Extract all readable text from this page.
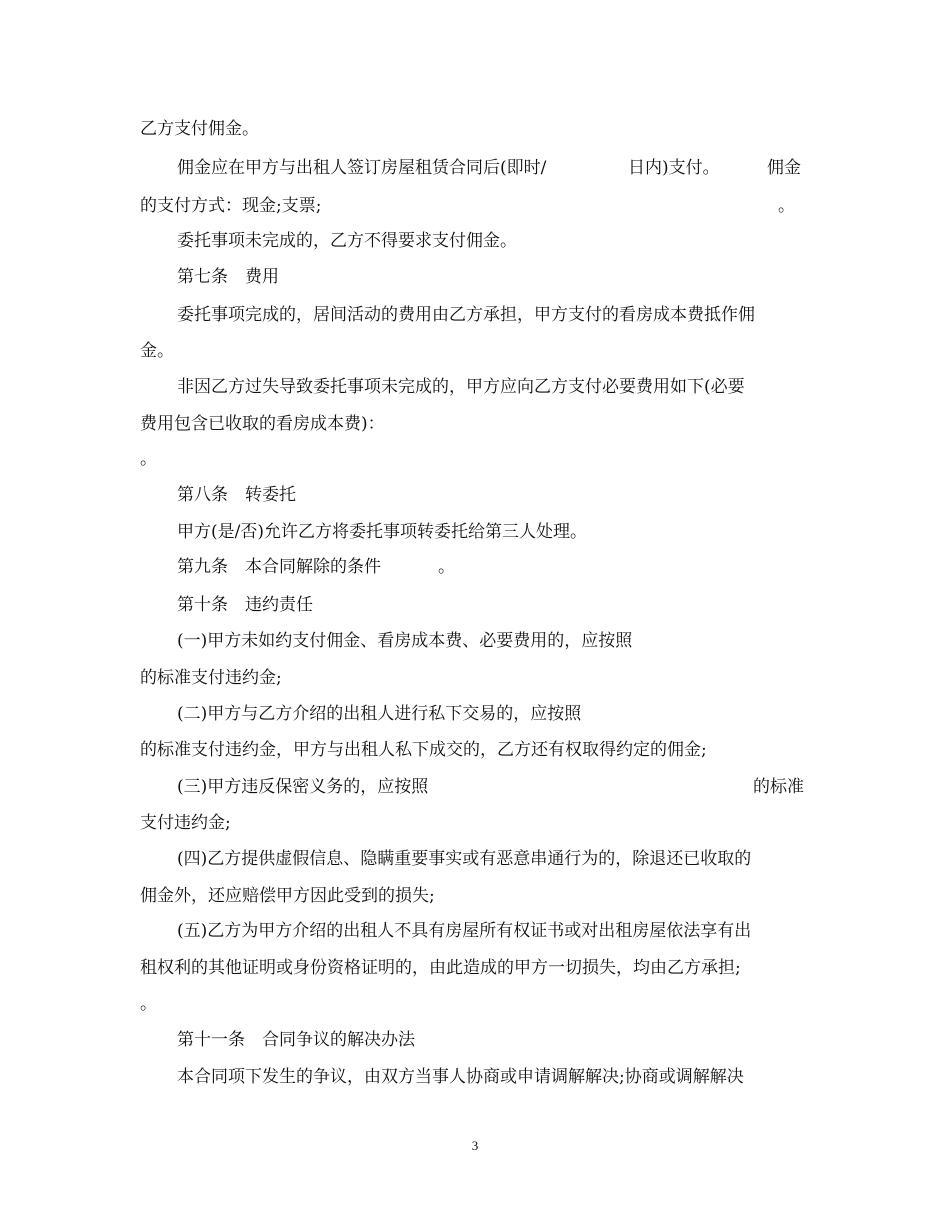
乙方支付佣金。
佣金应在甲方与出租人签订房屋租赁合同后(即时/	日内)支付。	佣金
的支付方式：现金;支票;	。
委托事项未完成的，乙方不得要求支付佣金。
第七条　费用
委托事项完成的，居间活动的费用由乙方承担，甲方支付的看房成本费抵作佣
金。
非因乙方过失导致委托事项未完成的，甲方应向乙方支付必要费用如下(必要
费用包含已收取的看房成本费)：
。
第八条　转委托
甲方(是/否)允许乙方将委托事项转委托给第三人处理。
第九条　本合同解除的条件	。
第十条　违约责任
(一)甲方未如约支付佣金、看房成本费、必要费用的，应按照
的标准支付违约金;
(二)甲方与乙方介绍的出租人进行私下交易的，应按照
的标准支付违约金，甲方与出租人私下成交的，乙方还有权取得约定的佣金;
(三)甲方违反保密义务的，应按照	的标准
支付违约金;
(四)乙方提供虚假信息、隐瞒重要事实或有恶意串通行为的，除退还已收取的
佣金外，还应赔偿甲方因此受到的损失;
(五)乙方为甲方介绍的出租人不具有房屋所有权证书或对出租房屋依法享有出
租权利的其他证明或身份资格证明的，由此造成的甲方一切损失，均由乙方承担;
。
第十一条　合同争议的解决办法
本合同项下发生的争议，由双方当事人协商或申请调解解决;协商或调解解决
3
